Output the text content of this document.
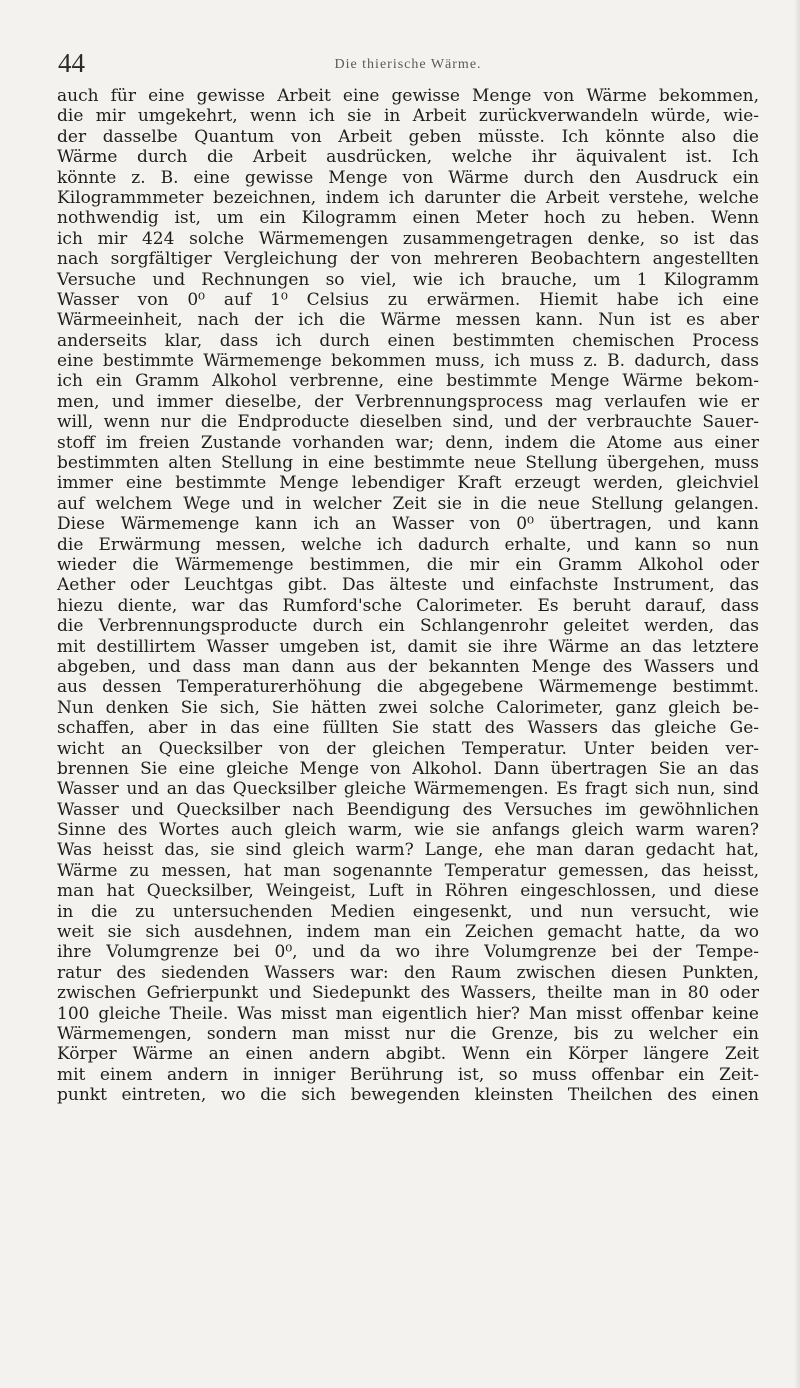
44	Die thierische Wärme.
auch für eine gewisse Arbeit eine gewisse Menge von Wärme bekommen,
die mir umgekehrt, wenn ich sie in Arbeit zurückverwandeln würde, wie-
der dasselbe Quantum von Arbeit geben müsste. Ich könnte also die
Wärme durch die Arbeit ausdrücken, welche ihr äquivalent ist. Ich
könnte z. B. eine gewisse Menge von Wärme durch den Ausdruck ein
Kilogrammmeter bezeichnen, indem ich darunter die Arbeit verstehe, welche
nothwendig ist, um ein Kilogramm einen Meter hoch zu heben. Wenn
ich mir 424 solche Wärmemengen zusammengetragen denke, so ist das
nach sorgfältiger Vergleichung der von mehreren Beobachtern angestellten
Versuche und Rechnungen so viel, wie ich brauche, um 1 Kilogramm
Wasser von 0⁰ auf 1⁰ Celsius zu erwärmen. Hiemit habe ich eine
Wärmeeinheit, nach der ich die Wärme messen kann. Nun ist es aber
anderseits klar, dass ich durch einen bestimmten chemischen Process
eine bestimmte Wärmemenge bekommen muss, ich muss z. B. dadurch, dass
ich ein Gramm Alkohol verbrenne, eine bestimmte Menge Wärme bekom-
men, und immer dieselbe, der Verbrennungsprocess mag verlaufen wie er
will, wenn nur die Endproducte dieselben sind, und der verbrauchte Sauer-
stoff im freien Zustande vorhanden war; denn, indem die Atome aus einer
bestimmten alten Stellung in eine bestimmte neue Stellung übergehen, muss
immer eine bestimmte Menge lebendiger Kraft erzeugt werden, gleichviel
auf welchem Wege und in welcher Zeit sie in die neue Stellung gelangen.
Diese Wärmemenge kann ich an Wasser von 0⁰ übertragen, und kann
die Erwärmung messen, welche ich dadurch erhalte, und kann so nun
wieder die Wärmemenge bestimmen, die mir ein Gramm Alkohol oder
Aether oder Leuchtgas gibt. Das älteste und einfachste Instrument, das
hiezu diente, war das Rumford'sche Calorimeter. Es beruht darauf, dass
die Verbrennungsproducte durch ein Schlangenrohr geleitet werden, das
mit destillirtem Wasser umgeben ist, damit sie ihre Wärme an das letztere
abgeben, und dass man dann aus der bekannten Menge des Wassers und
aus dessen Temperaturerhöhung die abgegebene Wärmemenge bestimmt.
Nun denken Sie sich, Sie hätten zwei solche Calorimeter, ganz gleich be-
schaffen, aber in das eine füllten Sie statt des Wassers das gleiche Ge-
wicht an Quecksilber von der gleichen Temperatur. Unter beiden ver-
brennen Sie eine gleiche Menge von Alkohol. Dann übertragen Sie an das
Wasser und an das Quecksilber gleiche Wärmemengen. Es fragt sich nun, sind
Wasser und Quecksilber nach Beendigung des Versuches im gewöhnlichen
Sinne des Wortes auch gleich warm, wie sie anfangs gleich warm waren?
Was heisst das, sie sind gleich warm? Lange, ehe man daran gedacht hat,
Wärme zu messen, hat man sogenannte Temperatur gemessen, das heisst,
man hat Quecksilber, Weingeist, Luft in Röhren eingeschlossen, und diese
in die zu untersuchenden Medien eingesenkt, und nun versucht, wie
weit sie sich ausdehnen, indem man ein Zeichen gemacht hatte, da wo
ihre Volumgrenze bei 0⁰, und da wo ihre Volumgrenze bei der Tempe-
ratur des siedenden Wassers war: den Raum zwischen diesen Punkten,
zwischen Gefrierpunkt und Siedepunkt des Wassers, theilte man in 80 oder
100 gleiche Theile. Was misst man eigentlich hier? Man misst offenbar keine
Wärmemengen, sondern man misst nur die Grenze, bis zu welcher ein
Körper Wärme an einen andern abgibt. Wenn ein Körper längere Zeit
mit einem andern in inniger Berührung ist, so muss offenbar ein Zeit-
punkt eintreten, wo die sich bewegenden kleinsten Theilchen des einen
